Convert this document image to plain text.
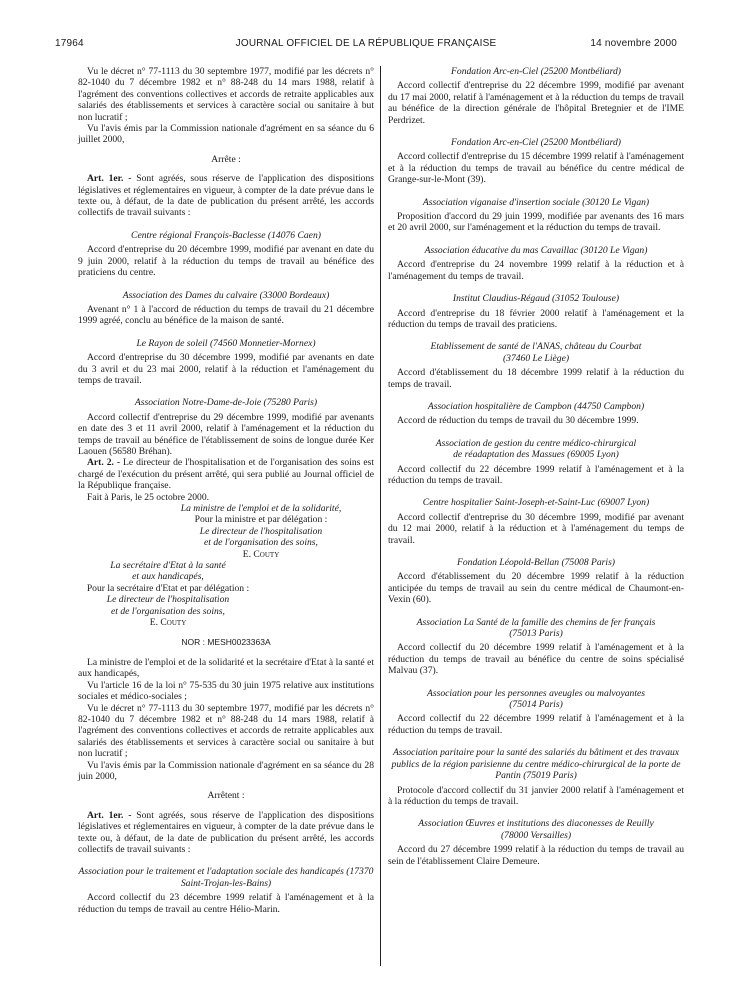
17964	JOURNAL OFFICIEL DE LA RÉPUBLIQUE FRANÇAISE	14 novembre 2000

Vu le décret n° 77-1113 du 30 septembre 1977, modifié par les décrets n° 82-1040 du 7 décembre 1982 et n° 88-248 du 14 mars 1988, relatif à l'agrément des conventions collectives et accords de retraite applicables aux salariés des établissements et services à caractère social ou sanitaire à but non lucratif ;

Vu l'avis émis par la Commission nationale d'agrément en sa séance du 6 juillet 2000,

Arrête :

Art. 1er. - Sont agréés, sous réserve de l'application des dispositions législatives et réglementaires en vigueur, à compter de la date prévue dans le texte ou, à défaut, de la date de publication du présent arrêté, les accords collectifs de travail suivants :

Centre régional François-Baclesse (14076 Caen)

Accord d'entreprise du 20 décembre 1999, modifié par avenant en date du 9 juin 2000, relatif à la réduction du temps de travail au bénéfice des praticiens du centre.

Association des Dames du calvaire (33000 Bordeaux)

Avenant n° 1 à l'accord de réduction du temps de travail du 21 décembre 1999 agréé, conclu au bénéfice de la maison de santé.

Le Rayon de soleil (74560 Monnetier-Mornex)

Accord d'entreprise du 30 décembre 1999, modifié par avenants en date du 3 avril et du 23 mai 2000, relatif à la réduction et l'aménagement du temps de travail.

Association Notre-Dame-de-Joie (75280 Paris)

Accord collectif d'entreprise du 29 décembre 1999, modifié par avenants en date des 3 et 11 avril 2000, relatif à l'aménagement et la réduction du temps de travail au bénéfice de l'établissement de soins de longue durée Ker Laouen (56580 Bréhan).

Art. 2. - Le directeur de l'hospitalisation et de l'organisation des soins est chargé de l'exécution du présent arrêté, qui sera publié au Journal officiel de la République française.

Fait à Paris, le 25 octobre 2000.

La ministre de l'emploi et de la solidarité,

Pour la ministre et par délégation :

Le directeur de l'hospitalisation

et de l'organisation des soins,

E. Couty

La secrétaire d'Etat à la santé

et aux handicapés,

Pour la secrétaire d'Etat et par délégation :

Le directeur de l'hospitalisation

et de l'organisation des soins,

E. Couty

NOR : MESH0023363A

La ministre de l'emploi et de la solidarité et la secrétaire d'Etat à la santé et aux handicapés,

Vu l'article 16 de la loi n° 75-535 du 30 juin 1975 relative aux institutions sociales et médico-sociales ;

Vu le décret n° 77-1113 du 30 septembre 1977, modifié par les décrets n° 82-1040 du 7 décembre 1982 et n° 88-248 du 14 mars 1988, relatif à l'agrément des conventions collectives et accords de retraite applicables aux salariés des établissements et services à caractère social ou sanitaire à but non lucratif ;

Vu l'avis émis par la Commission nationale d'agrément en sa séance du 28 juin 2000,

Arrêtent :

Art. 1er. - Sont agréés, sous réserve de l'application des dispositions législatives et réglementaires en vigueur, à compter de la date prévue dans le texte ou, à défaut, de la date de publication du présent arrêté, les accords collectifs de travail suivants :

Association pour le traitement et l'adaptation sociale des handicapés (17370 Saint-Trojan-les-Bains)

Accord collectif du 23 décembre 1999 relatif à l'aménagement et à la réduction du temps de travail au centre Hélio-Marin.

Fondation Arc-en-Ciel (25200 Montbéliard)

Accord collectif d'entreprise du 22 décembre 1999, modifié par avenant du 17 mai 2000, relatif à l'aménagement et à la réduction du temps de travail au bénéfice de la direction générale de l'hôpital Bretegnier et de l'IME Perdrizet.

Fondation Arc-en-Ciel (25200 Montbéliard)

Accord collectif d'entreprise du 15 décembre 1999 relatif à l'aménagement et à la réduction du temps de travail au bénéfice du centre médical de Grange-sur-le-Mont (39).

Association viganaise d'insertion sociale (30120 Le Vigan)

Proposition d'accord du 29 juin 1999, modifiée par avenants des 16 mars et 20 avril 2000, sur l'aménagement et la réduction du temps de travail.

Association éducative du mas Cavaillac (30120 Le Vigan)

Accord d'entreprise du 24 novembre 1999 relatif à la réduction et à l'aménagement du temps de travail.

Institut Claudius-Régaud (31052 Toulouse)

Accord d'entreprise du 18 février 2000 relatif à l'aménagement et la réduction du temps de travail des praticiens.

Etablissement de santé de l'ANAS, château du Courbat
(37460 Le Liège)

Accord d'établissement du 18 décembre 1999 relatif à la réduction du temps de travail.

Association hospitalière de Campbon (44750 Campbon)

Accord de réduction du temps de travail du 30 décembre 1999.

Association de gestion du centre médico-chirurgical
de réadaptation des Massues (69005 Lyon)

Accord collectif du 22 décembre 1999 relatif à l'aménagement et à la réduction du temps de travail.

Centre hospitalier Saint-Joseph-et-Saint-Luc (69007 Lyon)

Accord collectif d'entreprise du 30 décembre 1999, modifié par avenant du 12 mai 2000, relatif à la réduction et à l'aménagement du temps de travail.

Fondation Léopold-Bellan (75008 Paris)

Accord d'établissement du 20 décembre 1999 relatif à la réduction anticipée du temps de travail au sein du centre médical de Chaumont-en-Vexin (60).

Association La Santé de la famille des chemins de fer français
(75013 Paris)

Accord collectif du 20 décembre 1999 relatif à l'aménagement et à la réduction du temps de travail au bénéfice du centre de soins spécialisé Malvau (37).

Association pour les personnes aveugles ou malvoyantes
(75014 Paris)

Accord collectif du 22 décembre 1999 relatif à l'aménagement et à la réduction du temps de travail.

Association paritaire pour la santé des salariés du bâtiment et des travaux publics de la région parisienne du centre médico-chirurgical de la porte de Pantin (75019 Paris)

Protocole d'accord collectif du 31 janvier 2000 relatif à l'aménagement et à la réduction du temps de travail.

Association Œuvres et institutions des diaconesses de Reuilly
(78000 Versailles)

Accord du 27 décembre 1999 relatif à la réduction du temps de travail au sein de l'établissement Claire Demeure.
